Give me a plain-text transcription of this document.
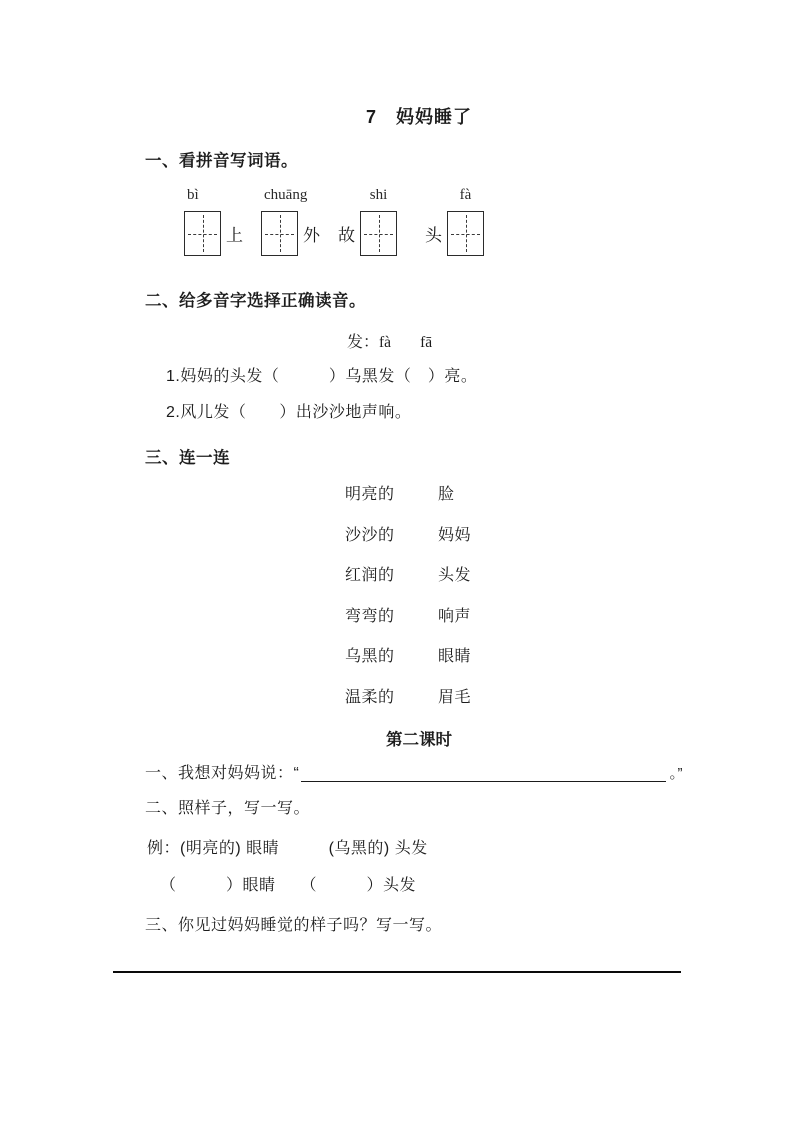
7　妈妈睡了
一、看拼音写词语。
bì
上
chuāng
外
shi
故
fà
头
二、给多音字选择正确读音。
发： fà fā
1.妈妈的头发（　　　）乌黑发（　）亮。
2.风儿发（　　）出沙沙地声响。
三、连一连
明亮的	脸
沙沙的	妈妈
红润的	头发
弯弯的	响声
乌黑的	眼睛
温柔的	眉毛
第二课时
一、我想对妈妈说：“	。”
二、照样子，写一写。
例：(明亮的) 眼睛　　　(乌黑的) 头发
（　　　）眼睛　　（　　　）头发
三、你见过妈妈睡觉的样子吗？写一写。
